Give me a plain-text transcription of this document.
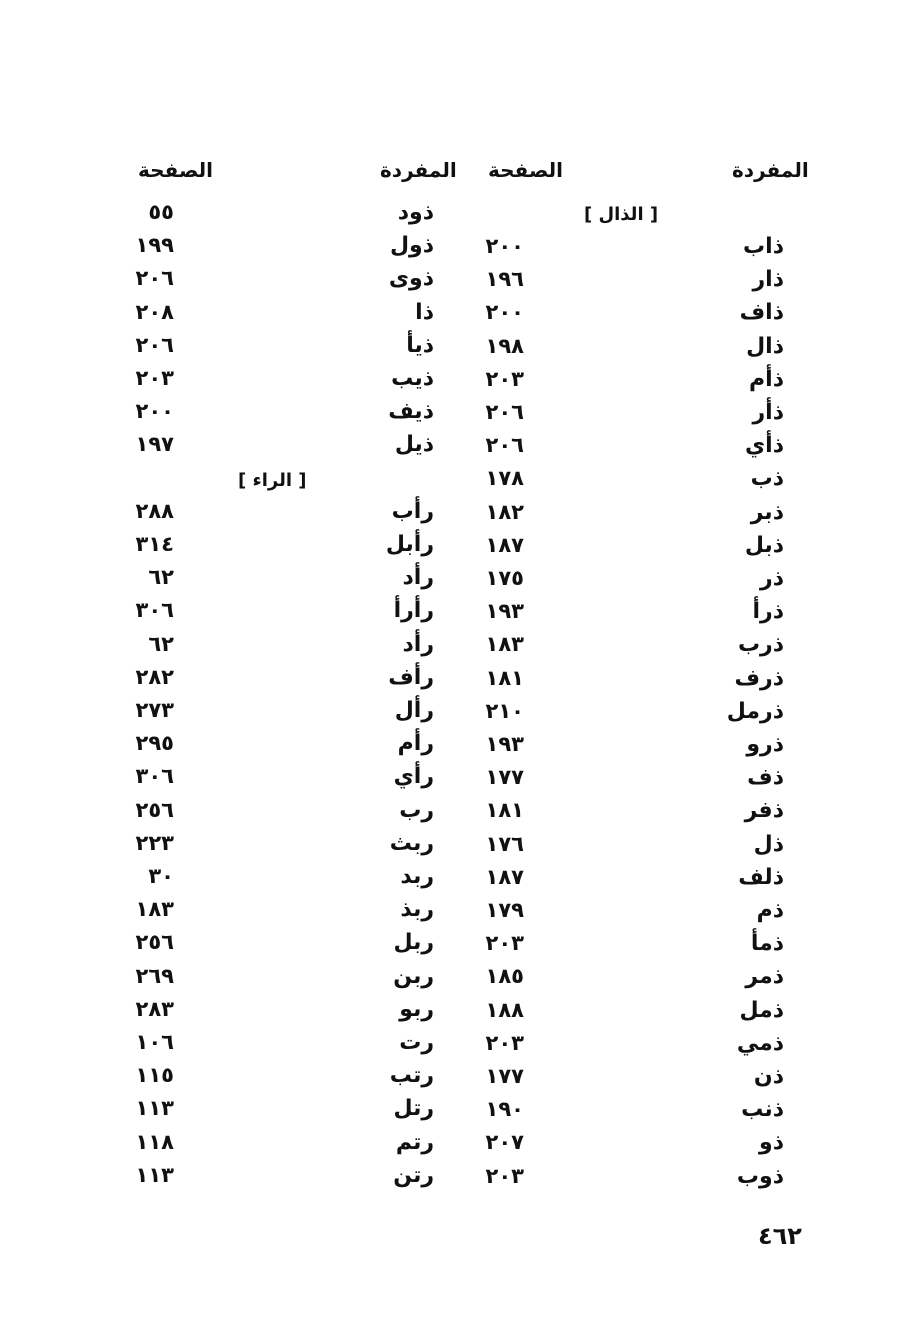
المفردة
الصفحة
المفردة
الصفحة
[ الذال ]
[ الراء ]
ذاب
٢٠٠
ذار
١٩٦
ذاف
٢٠٠
ذال
١٩٨
ذأم
٢٠٣
ذأر
٢٠٦
ذأي
٢٠٦
ذب
١٧٨
ذبر
١٨٢
ذبل
١٨٧
ذر
١٧٥
ذرأ
١٩٣
ذرب
١٨٣
ذرف
١٨١
ذرمل
٢١٠
ذرو
١٩٣
ذف
١٧٧
ذفر
١٨١
ذل
١٧٦
ذلف
١٨٧
ذم
١٧٩
ذمأ
٢٠٣
ذمر
١٨٥
ذمل
١٨٨
ذمي
٢٠٣
ذن
١٧٧
ذنب
١٩٠
ذو
٢٠٧
ذوب
٢٠٣
ذود
٥٥
ذول
١٩٩
ذوى
٢٠٦
ذا
٢٠٨
ذيأ
٢٠٦
ذيب
٢٠٣
ذيف
٢٠٠
ذيل
١٩٧
رأب
٢٨٨
رأبل
٣١٤
رأد
٦٢
رأرأ
٣٠٦
رأد
٦٢
رأف
٢٨٢
رأل
٢٧٣
رأم
٢٩٥
رأي
٣٠٦
رب
٢٥٦
ربث
٢٢٣
ربد
٣٠
ربذ
١٨٣
ربل
٢٥٦
ربن
٢٦٩
ربو
٢٨٣
رت
١٠٦
رتب
١١٥
رتل
١١٣
رتم
١١٨
رتن
١١٣
٤٦٢
